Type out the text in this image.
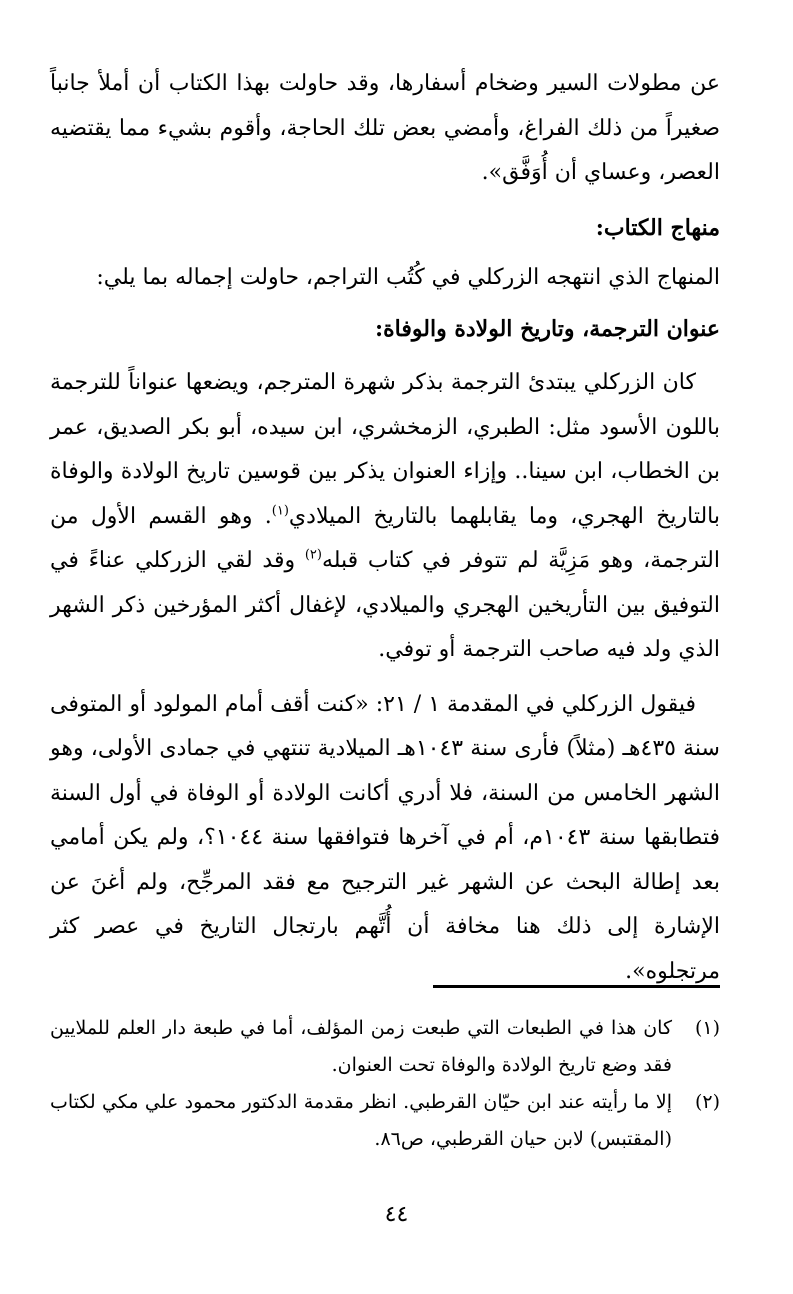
عن مطولات السير وضخام أسفارها، وقد حاولت بهذا الكتاب أن أملأ جانباً صغيراً من ذلك الفراغ، وأمضي بعض تلك الحاجة، وأقوم بشيء مما يقتضيه العصر، وعساي أن أُوَفَّق».

منهاج الكتاب:

المنهاج الذي انتهجه الزركلي في كُتُب التراجم، حاولت إجماله بما يلي:

عنوان الترجمة، وتاريخ الولادة والوفاة:

كان الزركلي يبتدئ الترجمة بذكر شهرة المترجم، ويضعها عنواناً للترجمة باللون الأسود مثل: الطبري، الزمخشري، ابن سيده، أبو بكر الصديق، عمر بن الخطاب، ابن سينا.. وإزاء العنوان يذكر بين قوسين تاريخ الولادة والوفاة بالتاريخ الهجري، وما يقابلهما بالتاريخ الميلادي$^{(١)}$. وهو القسم الأول من الترجمة، وهو مَزِيَّة لم تتوفر في كتاب قبله$^{(٢)}$ وقد لقي الزركلي عناءً في التوفيق بين التأريخين الهجري والميلادي، لإغفال أكثر المؤرخين ذكر الشهر الذي ولد فيه صاحب الترجمة أو توفي.

فيقول الزركلي في المقدمة ١ / ٢١: «كنت أقف أمام المولود أو المتوفى سنة ٤٣٥هـ (مثلاً) فأرى سنة ١٠٤٣هـ الميلادية تنتهي في جمادى الأولى، وهو الشهر الخامس من السنة، فلا أدري أكانت الولادة أو الوفاة في أول السنة فتطابقها سنة ١٠٤٣م، أم في آخرها فتوافقها سنة ١٠٤٤؟، ولم يكن أمامي بعد إطالة البحث عن الشهر غير الترجيح مع فقد المرجِّح، ولم أغنَ عن الإشارة إلى ذلك هنا مخافة أن أُتَّهم بارتجال التاريخ في عصر كثر مرتجلوه».

(١)
كان هذا في الطبعات التي طبعت زمن المؤلف، أما في طبعة دار العلم للملايين فقد وضع تاريخ الولادة والوفاة تحت العنوان.
(٢)
إلا ما رأيته عند ابن حيّان القرطبي. انظر مقدمة الدكتور محمود علي مكي لكتاب (المقتبس) لابن حيان القرطبي، ص٨٦.
٤٤
